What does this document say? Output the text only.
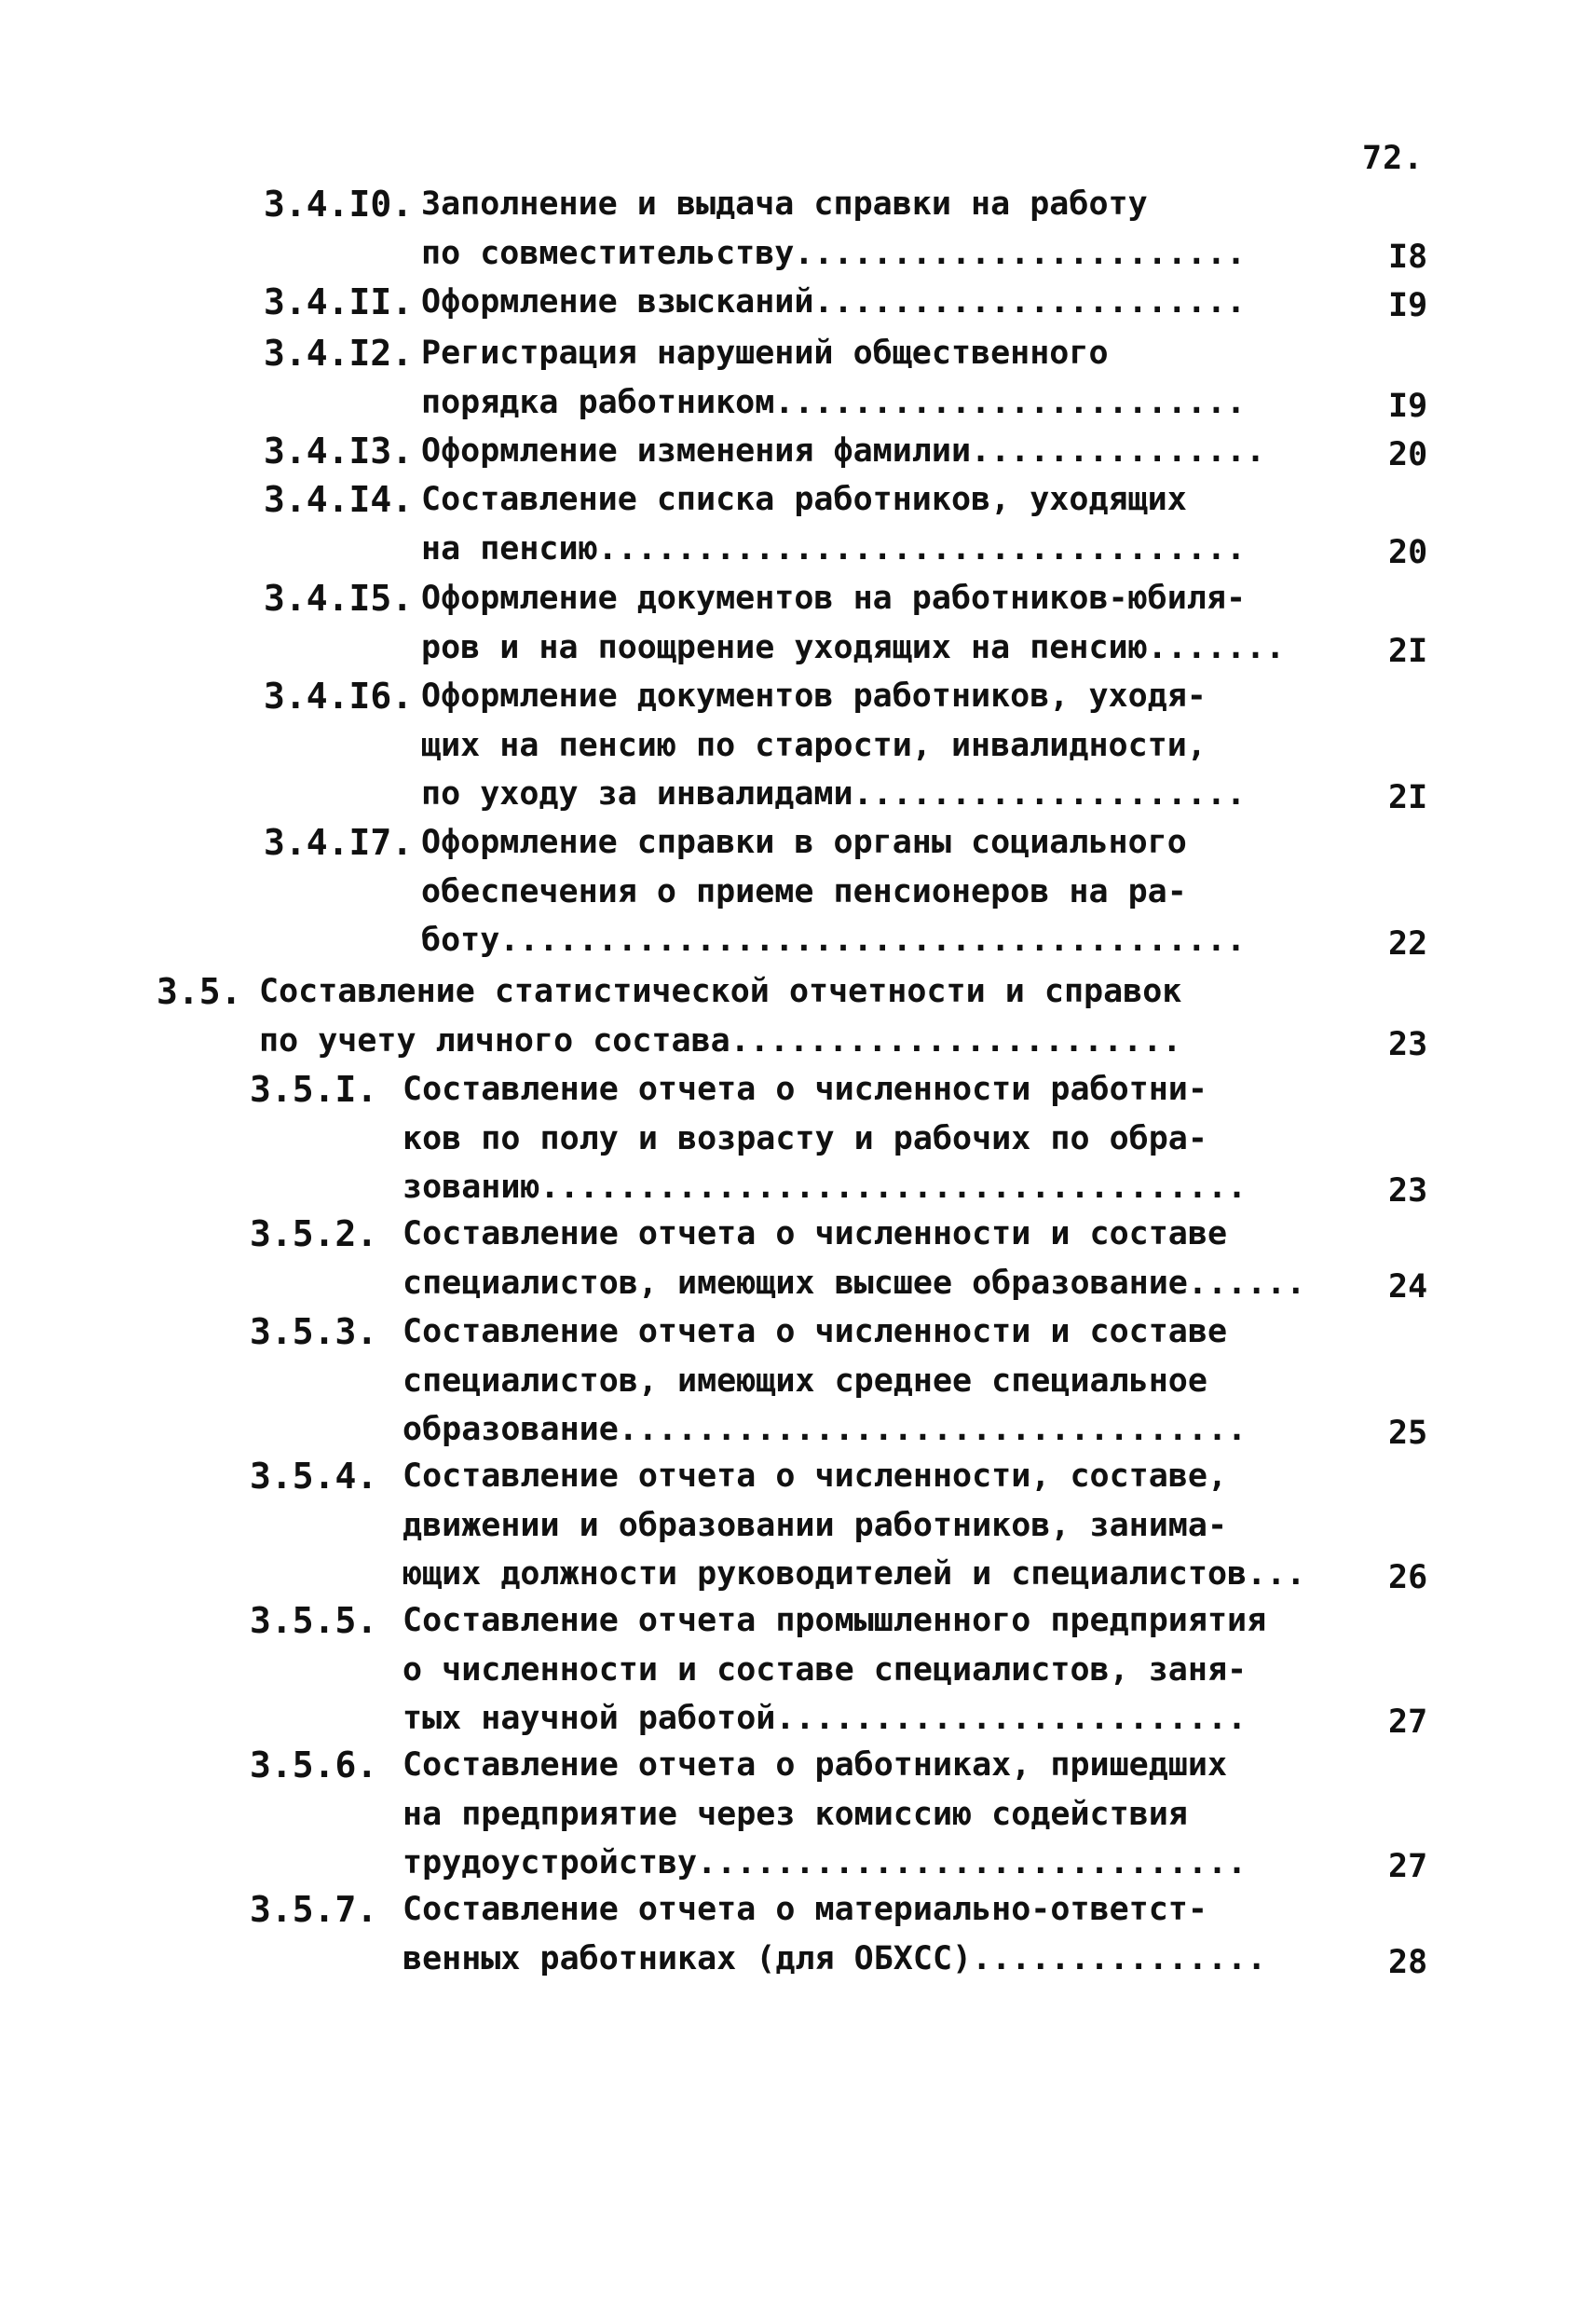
72.
3.4.I0. Заполнение и выдача справки на работу
по совместительству.......................	I8
3.4.II. Оформление взысканий......................	I9
3.4.I2. Регистрация нарушений общественного
порядка работником........................	I9
3.4.I3. Оформление изменения фамилии...............	20
3.4.I4. Составление списка работников, уходящих
на пенсию.................................	20
3.4.I5. Оформление документов на работников-юбиля-
ров и на поощрение уходящих на пенсию.......	2I
3.4.I6. Оформление документов работников, уходя-
щих на пенсию по старости, инвалидности,
по уходу за инвалидами....................	2I
3.4.I7. Оформление справки в органы социального
обеспечения о приеме пенсионеров на ра-
боту......................................	22
3.5. Составление статистической отчетности и справок
по учету личного состава.......................	23
3.5.I. Составление отчета о численности работни-
ков по полу и возрасту и рабочих по обра-
зованию....................................	23
3.5.2. Составление отчета о численности и составе
специалистов, имеющих высшее образование......	24
3.5.3. Составление отчета о численности и составе
специалистов, имеющих среднее специальное
образование................................	25
3.5.4. Составление отчета о численности, составе,
движении и образовании работников, занима-
ющих должности руководителей и специалистов...	26
3.5.5. Составление отчета промышленного предприятия
о численности и составе специалистов, заня-
тых научной работой........................	27
3.5.6. Составление отчета о работниках, пришедших
на предприятие через комиссию содействия
трудоустройству............................	27
3.5.7. Составление отчета о материально-ответст-
венных работниках (для ОБХСС)...............	28
